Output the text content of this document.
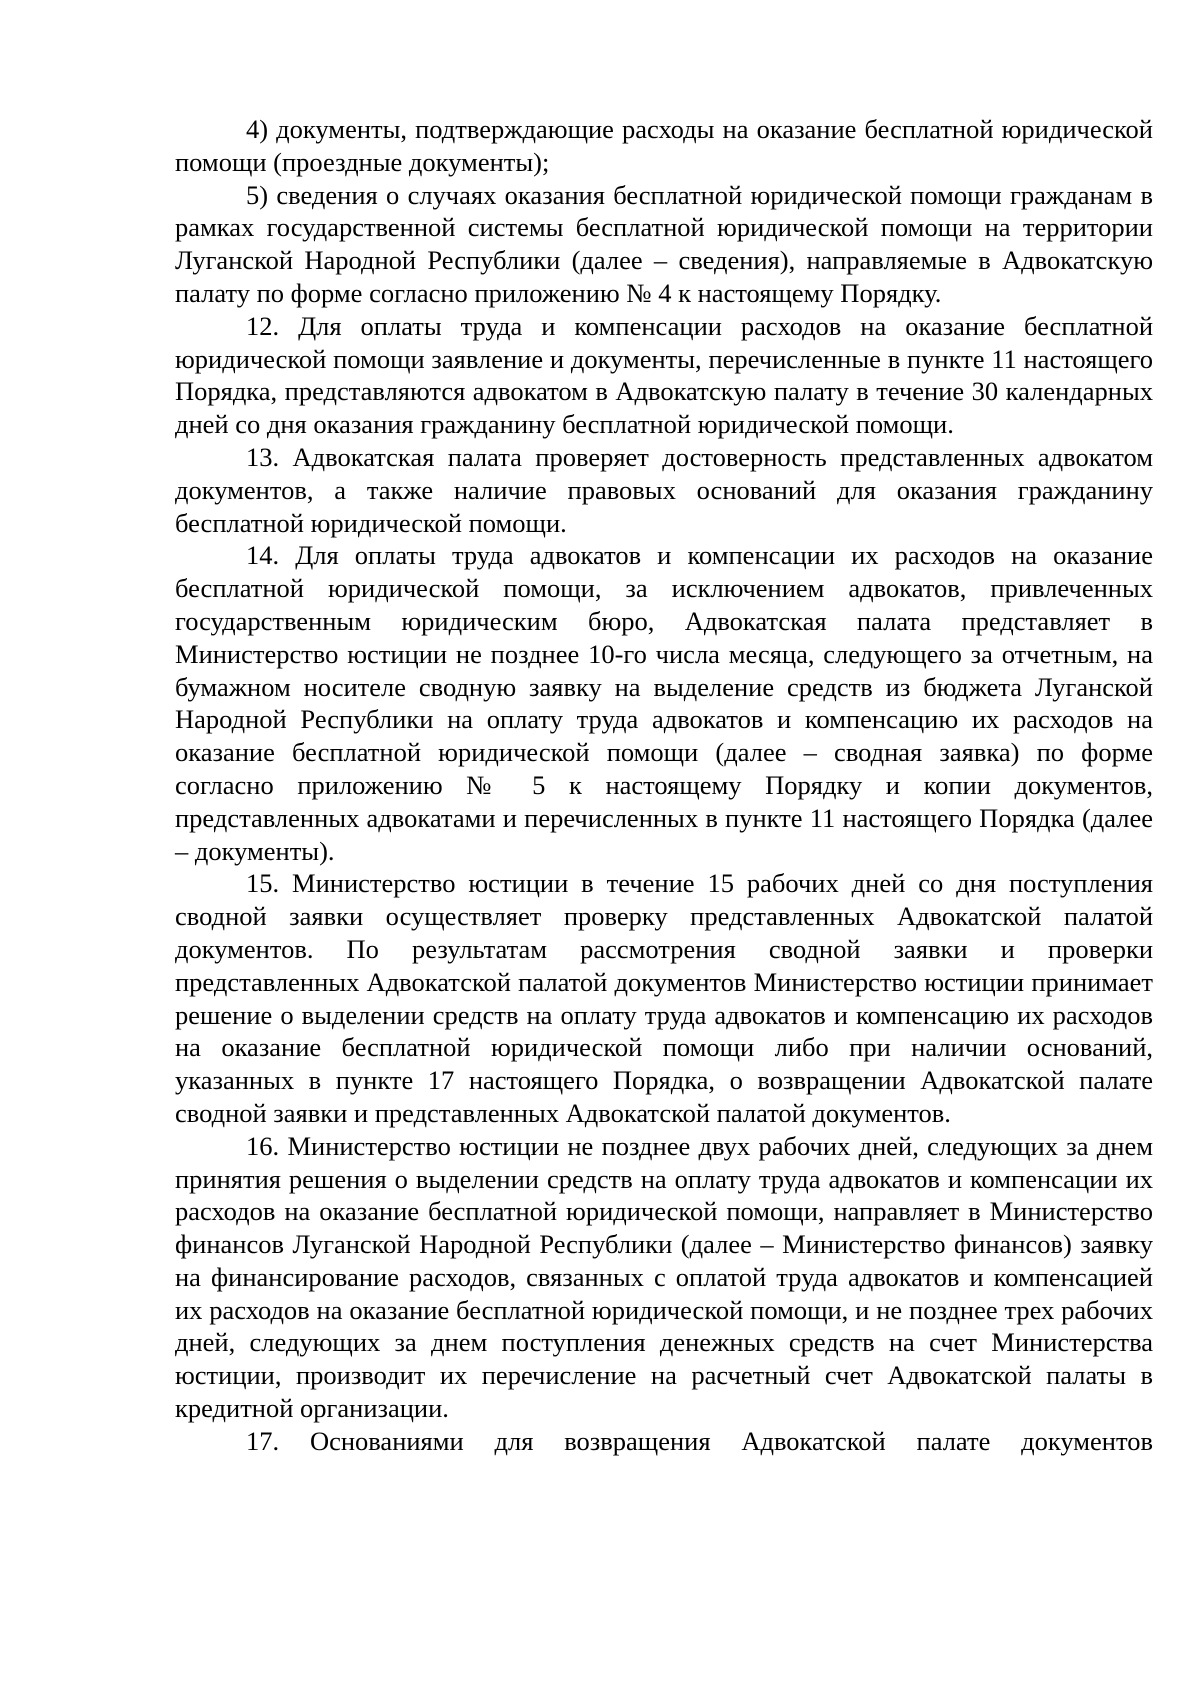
4) документы, подтверждающие расходы на оказание бесплатной юридической помощи (проездные документы);

5) сведения о случаях оказания бесплатной юридической помощи гражданам в рамках государственной системы бесплатной юридической помощи на территории Луганской Народной Республики (далее – сведения), направляемые в Адвокатскую палату по форме согласно приложению № 4 к настоящему Порядку.

12. Для оплаты труда и компенсации расходов на оказание бесплатной юридической помощи заявление и документы, перечисленные в пункте 11 настоящего Порядка, представляются адвокатом в Адвокатскую палату в течение 30 календарных дней со дня оказания гражданину бесплатной юридической помощи.

13. Адвокатская палата проверяет достоверность представленных адвокатом документов, а также наличие правовых оснований для оказания гражданину бесплатной юридической помощи.

14. Для оплаты труда адвокатов и компенсации их расходов на оказание бесплатной юридической помощи, за исключением адвокатов, привлеченных государственным юридическим бюро, Адвокатская палата представляет в Министерство юстиции не позднее 10-го числа месяца, следующего за отчетным, на бумажном носителе сводную заявку на выделение средств из бюджета Луганской Народной Республики на оплату труда адвокатов и компенсацию их расходов на оказание бесплатной юридической помощи (далее – сводная заявка) по форме согласно приложению № 5 к настоящему Порядку и копии документов, представленных адвокатами и перечисленных в пункте 11 настоящего Порядка (далее – документы).

15. Министерство юстиции в течение 15 рабочих дней со дня поступления сводной заявки осуществляет проверку представленных Адвокатской палатой документов. По результатам рассмотрения сводной заявки и проверки представленных Адвокатской палатой документов Министерство юстиции принимает решение о выделении средств на оплату труда адвокатов и компенсацию их расходов на оказание бесплатной юридической помощи либо при наличии оснований, указанных в пункте 17 настоящего Порядка, о возвращении Адвокатской палате сводной заявки и представленных Адвокатской палатой документов.

16. Министерство юстиции не позднее двух рабочих дней, следующих за днем принятия решения о выделении средств на оплату труда адвокатов и компенсации их расходов на оказание бесплатной юридической помощи, направляет в Министерство финансов Луганской Народной Республики (далее – Министерство финансов) заявку на финансирование расходов, связанных с оплатой труда адвокатов и компенсацией их расходов на оказание бесплатной юридической помощи, и не позднее трех рабочих дней, следующих за днем поступления денежных средств на счет Министерства юстиции, производит их перечисление на расчетный счет Адвокатской палаты в кредитной организации.

17. Основаниями для возвращения Адвокатской палате документов
